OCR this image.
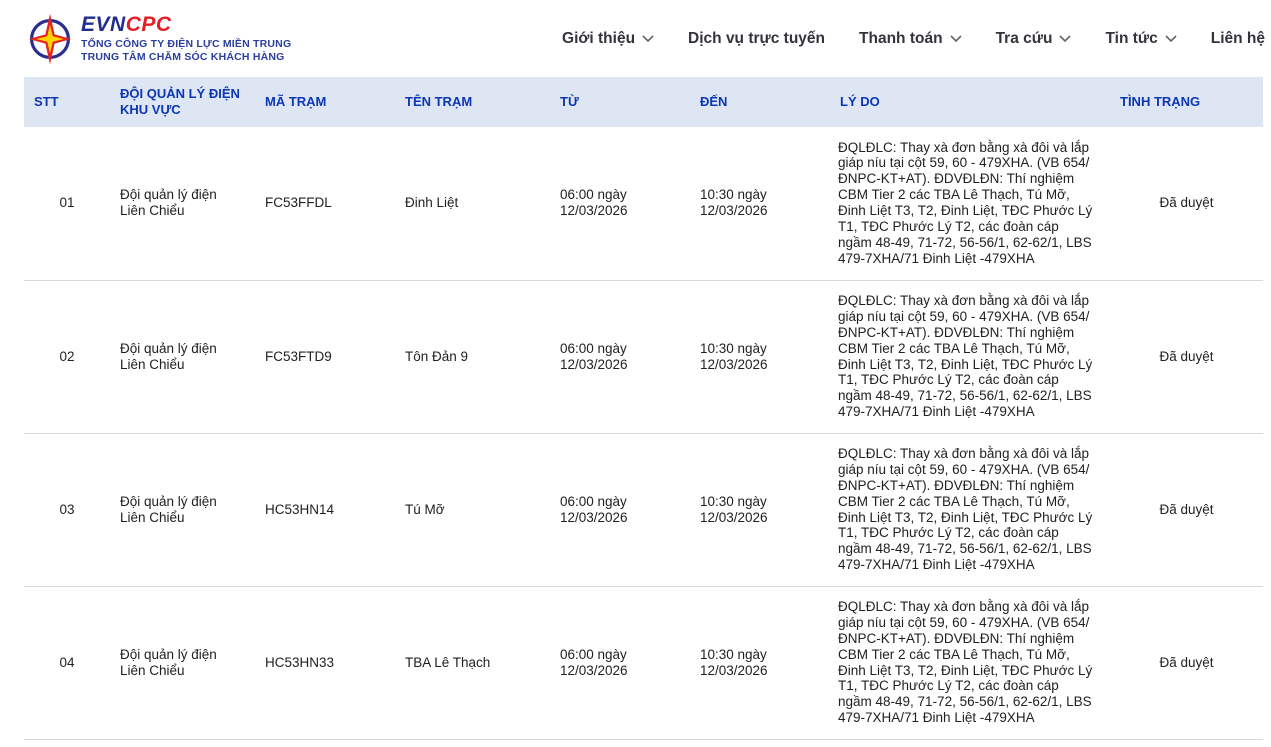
EVNCPC
TỔNG CÔNG TY ĐIỆN LỰC MIỀN TRUNG
TRUNG TÂM CHĂM SÓC KHÁCH HÀNG
Giới thiệu	Dịch vụ trực tuyến Thanh toán	Tra cứu	Tin tức	Liên hệ
STT	ĐỘI QUẢN LÝ ĐIỆN KHU VỰC	MÃ TRẠM	TÊN TRẠM	TỪ	ĐẾN	LÝ DO	TÌNH TRẠNG
01	Đội quản lý điện Liên Chiểu	FC53FFDL	Đinh Liệt	06:00 ngày 12/03/2026	10:30 ngày 12/03/2026	ĐQLĐLC: Thay xà đơn bằng xà đôi và lắp giáp níu tại cột 59, 60 - 479XHA. (VB 654/ĐNPC-KT+AT). ĐDVĐLĐN: Thí nghiệm CBM Tier 2 các TBA Lê Thạch, Tú Mỡ, Đinh Liệt T3, T2, Đinh Liệt, TĐC Phước Lý T1, TĐC Phước Lý T2, các đoàn cáp ngầm 48-49, 71-72, 56-56/1, 62-62/1, LBS 479-7XHA/71 Đinh Liệt -479XHA	Đã duyệt
02	Đội quản lý điện Liên Chiểu	FC53FTD9	Tôn Đản 9	06:00 ngày 12/03/2026	10:30 ngày 12/03/2026	ĐQLĐLC: Thay xà đơn bằng xà đôi và lắp giáp níu tại cột 59, 60 - 479XHA. (VB 654/ĐNPC-KT+AT). ĐDVĐLĐN: Thí nghiệm CBM Tier 2 các TBA Lê Thạch, Tú Mỡ, Đinh Liệt T3, T2, Đinh Liệt, TĐC Phước Lý T1, TĐC Phước Lý T2, các đoàn cáp ngầm 48-49, 71-72, 56-56/1, 62-62/1, LBS 479-7XHA/71 Đinh Liệt -479XHA	Đã duyệt
03	Đội quản lý điện Liên Chiểu	HC53HN14	Tú Mỡ	06:00 ngày 12/03/2026	10:30 ngày 12/03/2026	ĐQLĐLC: Thay xà đơn bằng xà đôi và lắp giáp níu tại cột 59, 60 - 479XHA. (VB 654/ĐNPC-KT+AT). ĐDVĐLĐN: Thí nghiệm CBM Tier 2 các TBA Lê Thạch, Tú Mỡ, Đinh Liệt T3, T2, Đinh Liệt, TĐC Phước Lý T1, TĐC Phước Lý T2, các đoàn cáp ngầm 48-49, 71-72, 56-56/1, 62-62/1, LBS 479-7XHA/71 Đinh Liệt -479XHA	Đã duyệt
04	Đội quản lý điện Liên Chiểu	HC53HN33	TBA Lê Thạch	06:00 ngày 12/03/2026	10:30 ngày 12/03/2026	ĐQLĐLC: Thay xà đơn bằng xà đôi và lắp giáp níu tại cột 59, 60 - 479XHA. (VB 654/ĐNPC-KT+AT). ĐDVĐLĐN: Thí nghiệm CBM Tier 2 các TBA Lê Thạch, Tú Mỡ, Đinh Liệt T3, T2, Đinh Liệt, TĐC Phước Lý T1, TĐC Phước Lý T2, các đoàn cáp ngầm 48-49, 71-72, 56-56/1, 62-62/1, LBS 479-7XHA/71 Đinh Liệt -479XHA	Đã duyệt
